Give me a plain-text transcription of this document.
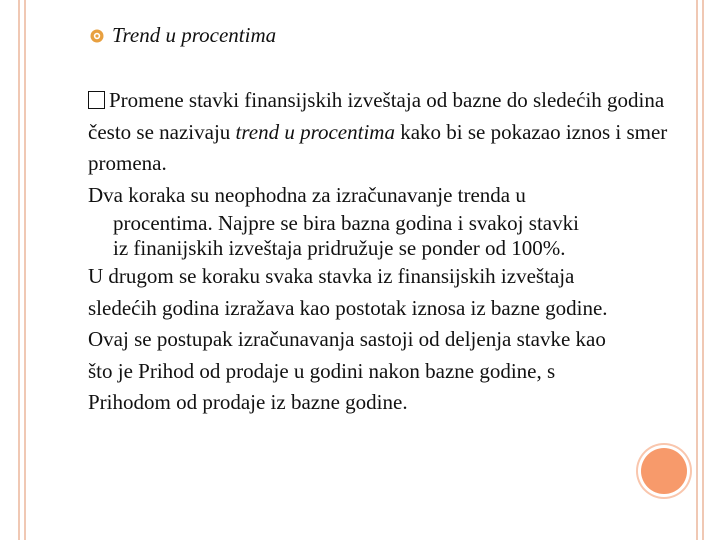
Trend u procentima

Promene stavki finansijskih izveštaja od bazne do sledećih godina često se nazivaju trend u procentima kako bi se pokazao iznos i smer promena.

Dva koraka su neophodna za izračunavanje trenda u
procentima. Najpre se bira bazna godina i svakoj stavki
iz finanijskih izveštaja pridružuje se ponder od 100%.

U drugom se koraku svaka stavka iz finansijskih izveštaja sledećih godina izražava kao postotak iznosa iz bazne godine. Ovaj se postupak izračunavanja sastoji od deljenja stavke kao što je Prihod od prodaje u godini nakon bazne godine, s Prihodom od prodaje iz bazne godine.
